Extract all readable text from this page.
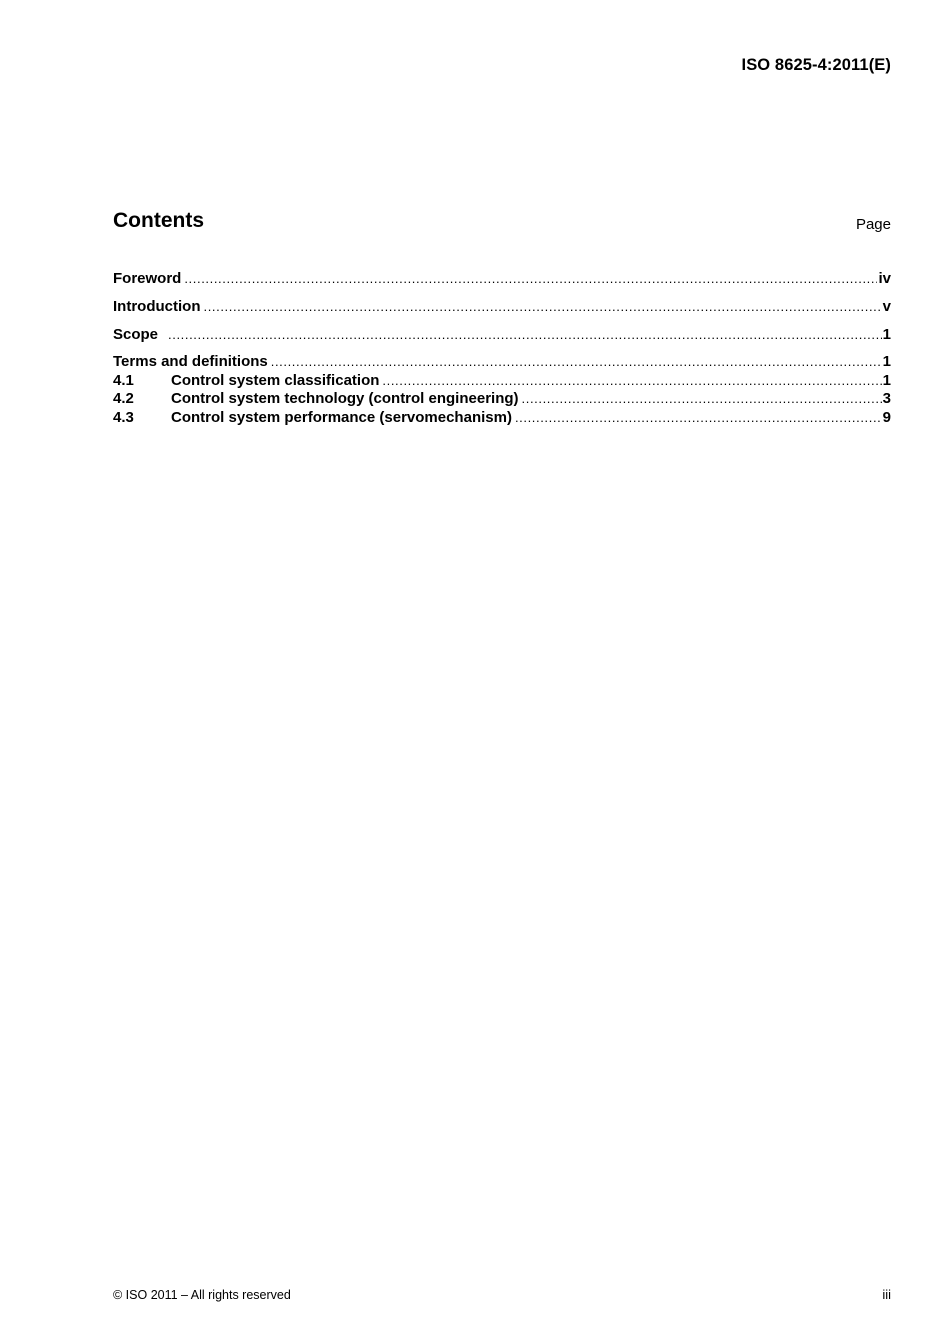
ISO 8625-4:2011(E)
Contents	Page
Foreword .....	iv
Introduction .....	v
Scope .....	1
Terms and definitions .....	1
4.1	Control system classification .....	1
4.2	Control system technology (control engineering) .....	3
4.3	Control system performance (servomechanism) .....	9
© ISO 2011 – All rights reserved	iii
